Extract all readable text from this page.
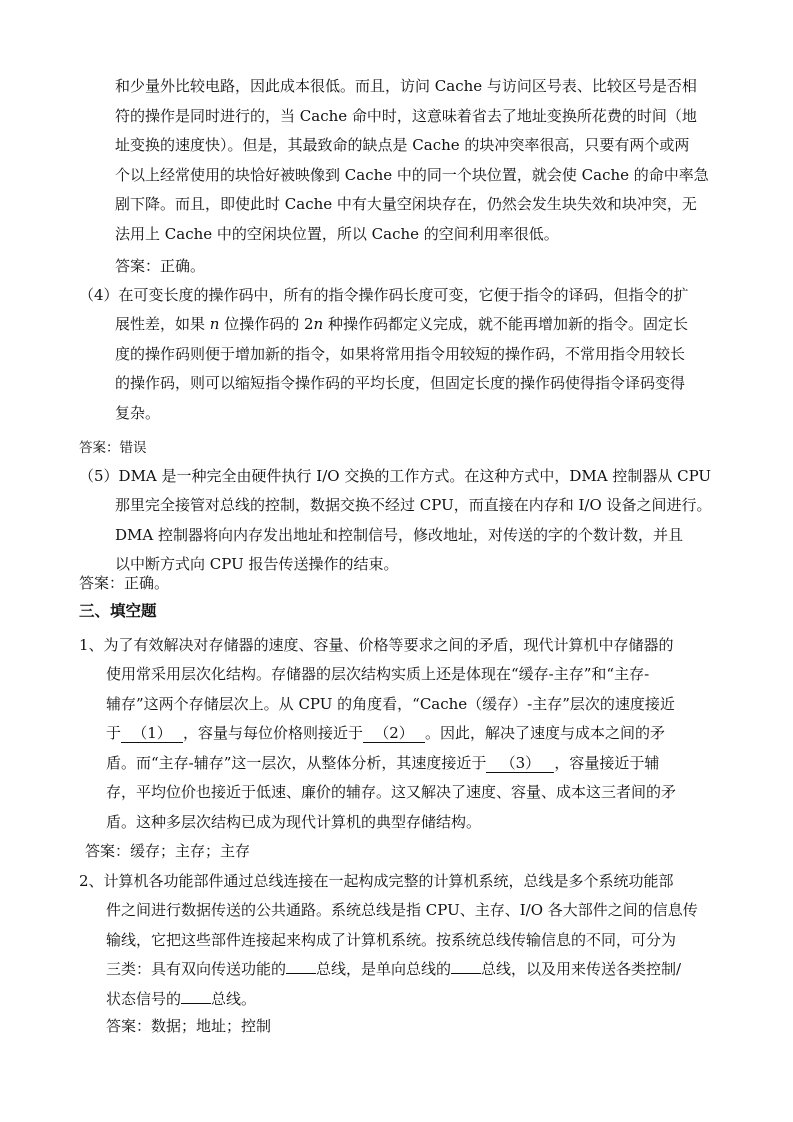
和少量外比较电路，因此成本很低。而且，访问 Cache 与访问区号表、比较区号是否相
符的操作是同时进行的，当 Cache 命中时，这意味着省去了地址变换所花费的时间（地
址变换的速度快）。但是，其最致命的缺点是 Cache 的块冲突率很高，只要有两个或两
个以上经常使用的块恰好被映像到 Cache 中的同一个块位置，就会使 Cache 的命中率急
剧下降。而且，即使此时 Cache 中有大量空闲块存在，仍然会发生块失效和块冲突，无
法用上 Cache 中的空闲块位置，所以 Cache 的空间利用率很低。
答案：正确。
（4）在可变长度的操作码中，所有的指令操作码长度可变，它便于指令的译码，但指令的扩
展性差，如果 n 位操作码的 2n 种操作码都定义完成，就不能再增加新的指令。固定长
度的操作码则便于增加新的指令，如果将常用指令用较短的操作码，不常用指令用较长
的操作码，则可以缩短指令操作码的平均长度，但固定长度的操作码使得指令译码变得
复杂。
答案：错误
（5）DMA 是一种完全由硬件执行 I/O 交换的工作方式。在这种方式中，DMA 控制器从 CPU
那里完全接管对总线的控制，数据交换不经过 CPU，而直接在内存和 I/O 设备之间进行。
DMA 控制器将向内存发出地址和控制信号，修改地址，对传送的字的个数计数，并且
以中断方式向 CPU 报告传送操作的结束。
答案：正确。
三、填空题
1、为了有效解决对存储器的速度、容量、价格等要求之间的矛盾，现代计算机中存储器的
使用常采用层次化结构。存储器的层次结构实质上还是体现在“缓存-主存”和“主存-
辅存”这两个存储层次上。从 CPU 的角度看，“Cache（缓存）-主存”层次的速度接近
于 （1） ，容量与每位价格则接近于 （2） 。因此，解决了速度与成本之间的矛
盾。而“主存-辅存”这一层次，从整体分析，其速度接近于 （3） ，容量接近于辅
存，平均位价也接近于低速、廉价的辅存。这又解决了速度、容量、成本这三者间的矛
盾。这种多层次结构已成为现代计算机的典型存储结构。
答案：缓存；主存；主存
2、计算机各功能部件通过总线连接在一起构成完整的计算机系统，总线是多个系统功能部
件之间进行数据传送的公共通路。系统总线是指 CPU、主存、I/O 各大部件之间的信息传
输线，它把这些部件连接起来构成了计算机系统。按系统总线传输信息的不同，可分为
三类：具有双向传送功能的 总线，是单向总线的 总线，以及用来传送各类控制/
状态信号的 总线。
答案：数据；地址；控制
